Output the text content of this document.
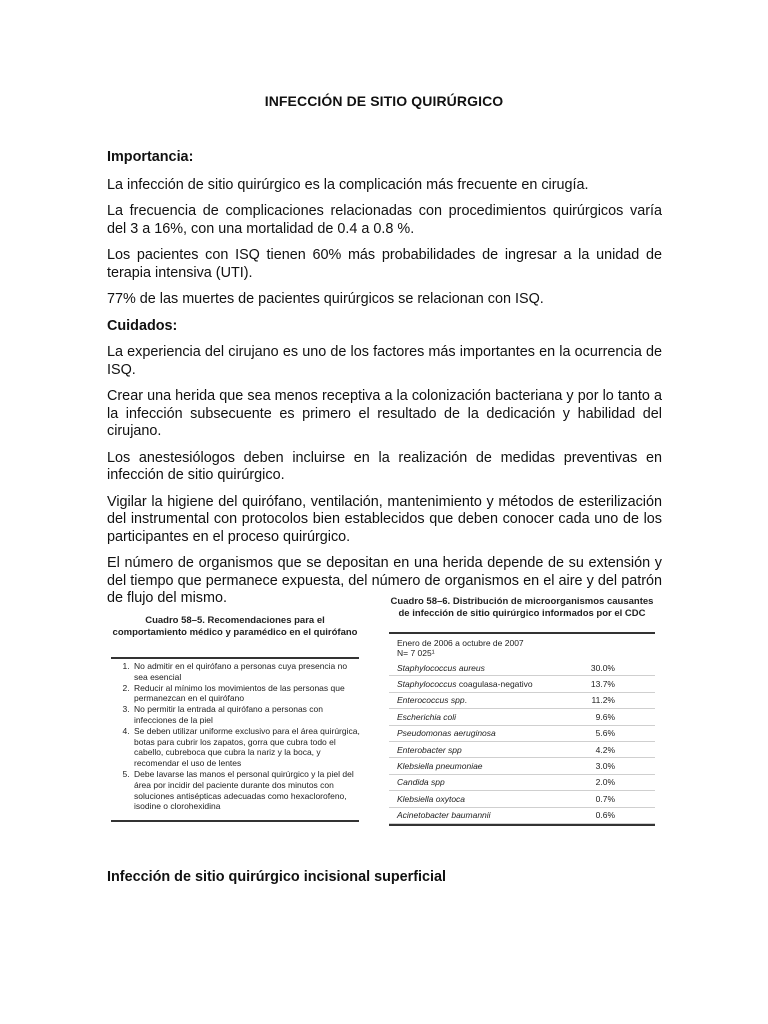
INFECCIÓN DE SITIO QUIRÚRGICO
Importancia:

La infección de sitio quirúrgico es la complicación más frecuente en cirugía.

La frecuencia de complicaciones relacionadas con procedimientos quirúrgicos varía del 3 a 16%, con una mortalidad de 0.4 a 0.8 %.

Los pacientes con ISQ tienen 60% más probabilidades de ingresar a la unidad de terapia intensiva (UTI).

77% de las muertes de pacientes quirúrgicos se relacionan con ISQ.

Cuidados:

La experiencia del cirujano es uno de los factores más importantes en la ocurrencia de ISQ.

Crear una herida que sea menos receptiva a la colonización bacteriana y por lo tanto a la infección subsecuente es primero el resultado de la dedicación y habilidad del cirujano.

Los anestesiólogos deben incluirse en la realización de medidas preventivas en infección de sitio quirúrgico.

Vigilar la higiene del quirófano, ventilación, mantenimiento y métodos de esterilización del instrumental con protocolos bien establecidos que deben conocer cada uno de los participantes en el proceso quirúrgico.

El número de organismos que se depositan en una herida depende de su extensión y del tiempo que permanece expuesta, del número de organismos en el aire y del patrón de flujo del mismo.

Cuadro 58–5. Recomendaciones para el comportamiento médico y paramédico en el quirófano
1. No admitir en el quirófano a personas cuya presencia no sea esencial
2. Reducir al mínimo los movimientos de las personas que permanezcan en el quirófano
3. No permitir la entrada al quirófano a personas con infecciones de la piel
4. Se deben utilizar uniforme exclusivo para el área quirúrgica, botas para cubrir los zapatos, gorra que cubra todo el cabello, cubreboca que cubra la nariz y la boca, y recomendar el uso de lentes
5. Debe lavarse las manos el personal quirúrgico y la piel del área por incidir del paciente durante dos minutos con soluciones antisépticas adecuadas como hexaclorofeno, isodine o clorohexidina
Cuadro 58–6. Distribución de microorganismos causantes de infección de sitio quirúrgico informados por el CDC
Enero de 2006 a octubre de 2007
N= 7 025¹
Staphylococcus aureus	30.0%
Staphylococcus coagulasa-negativo	13.7%
Enterococcus spp.	11.2%
Escherichia coli	9.6%
Pseudomonas aeruginosa	5.6%
Enterobacter spp	4.2%
Klebsiella pneumoniae	3.0%
Candida spp	2.0%
Klebsiella oxytoca	0.7%
Acinetobacter baumannii	0.6%
Infección de sitio quirúrgico incisional superficial
